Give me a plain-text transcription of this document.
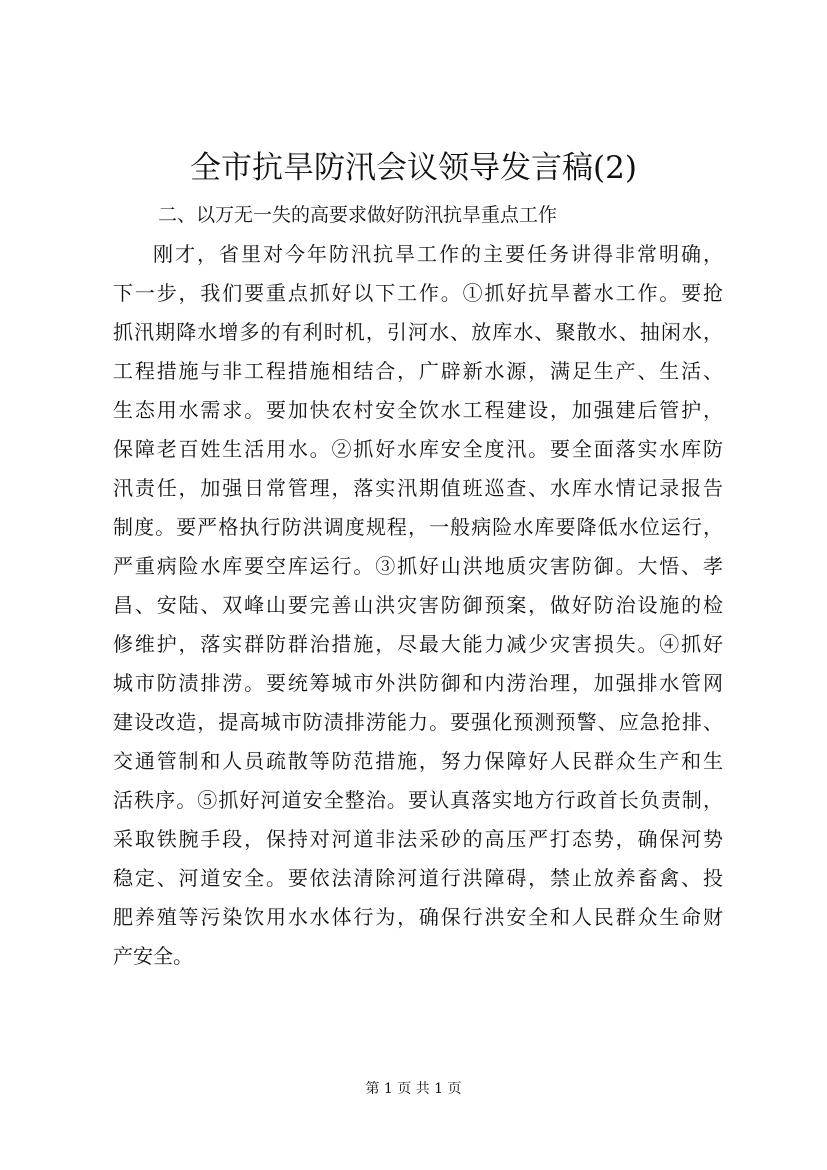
全市抗旱防汛会议领导发言稿(2)
二、以万无一失的高要求做好防汛抗旱重点工作
刚才，省里对今年防汛抗旱工作的主要任务讲得非常明确，
下一步，我们要重点抓好以下工作。①抓好抗旱蓄水工作。要抢
抓汛期降水增多的有利时机，引河水、放库水、聚散水、抽闲水，
工程措施与非工程措施相结合，广辟新水源，满足生产、生活、
生态用水需求。要加快农村安全饮水工程建设，加强建后管护，
保障老百姓生活用水。②抓好水库安全度汛。要全面落实水库防
汛责任，加强日常管理，落实汛期值班巡查、水库水情记录报告
制度。要严格执行防洪调度规程，一般病险水库要降低水位运行，
严重病险水库要空库运行。③抓好山洪地质灾害防御。大悟、孝
昌、安陆、双峰山要完善山洪灾害防御预案，做好防治设施的检
修维护，落实群防群治措施，尽最大能力减少灾害损失。④抓好
城市防渍排涝。要统筹城市外洪防御和内涝治理，加强排水管网
建设改造，提高城市防渍排涝能力。要强化预测预警、应急抢排、
交通管制和人员疏散等防范措施，努力保障好人民群众生产和生
活秩序。⑤抓好河道安全整治。要认真落实地方行政首长负责制，
采取铁腕手段，保持对河道非法采砂的高压严打态势，确保河势
稳定、河道安全。要依法清除河道行洪障碍，禁止放养畜禽、投
肥养殖等污染饮用水水体行为，确保行洪安全和人民群众生命财
产安全。
第 1 页 共 1 页
